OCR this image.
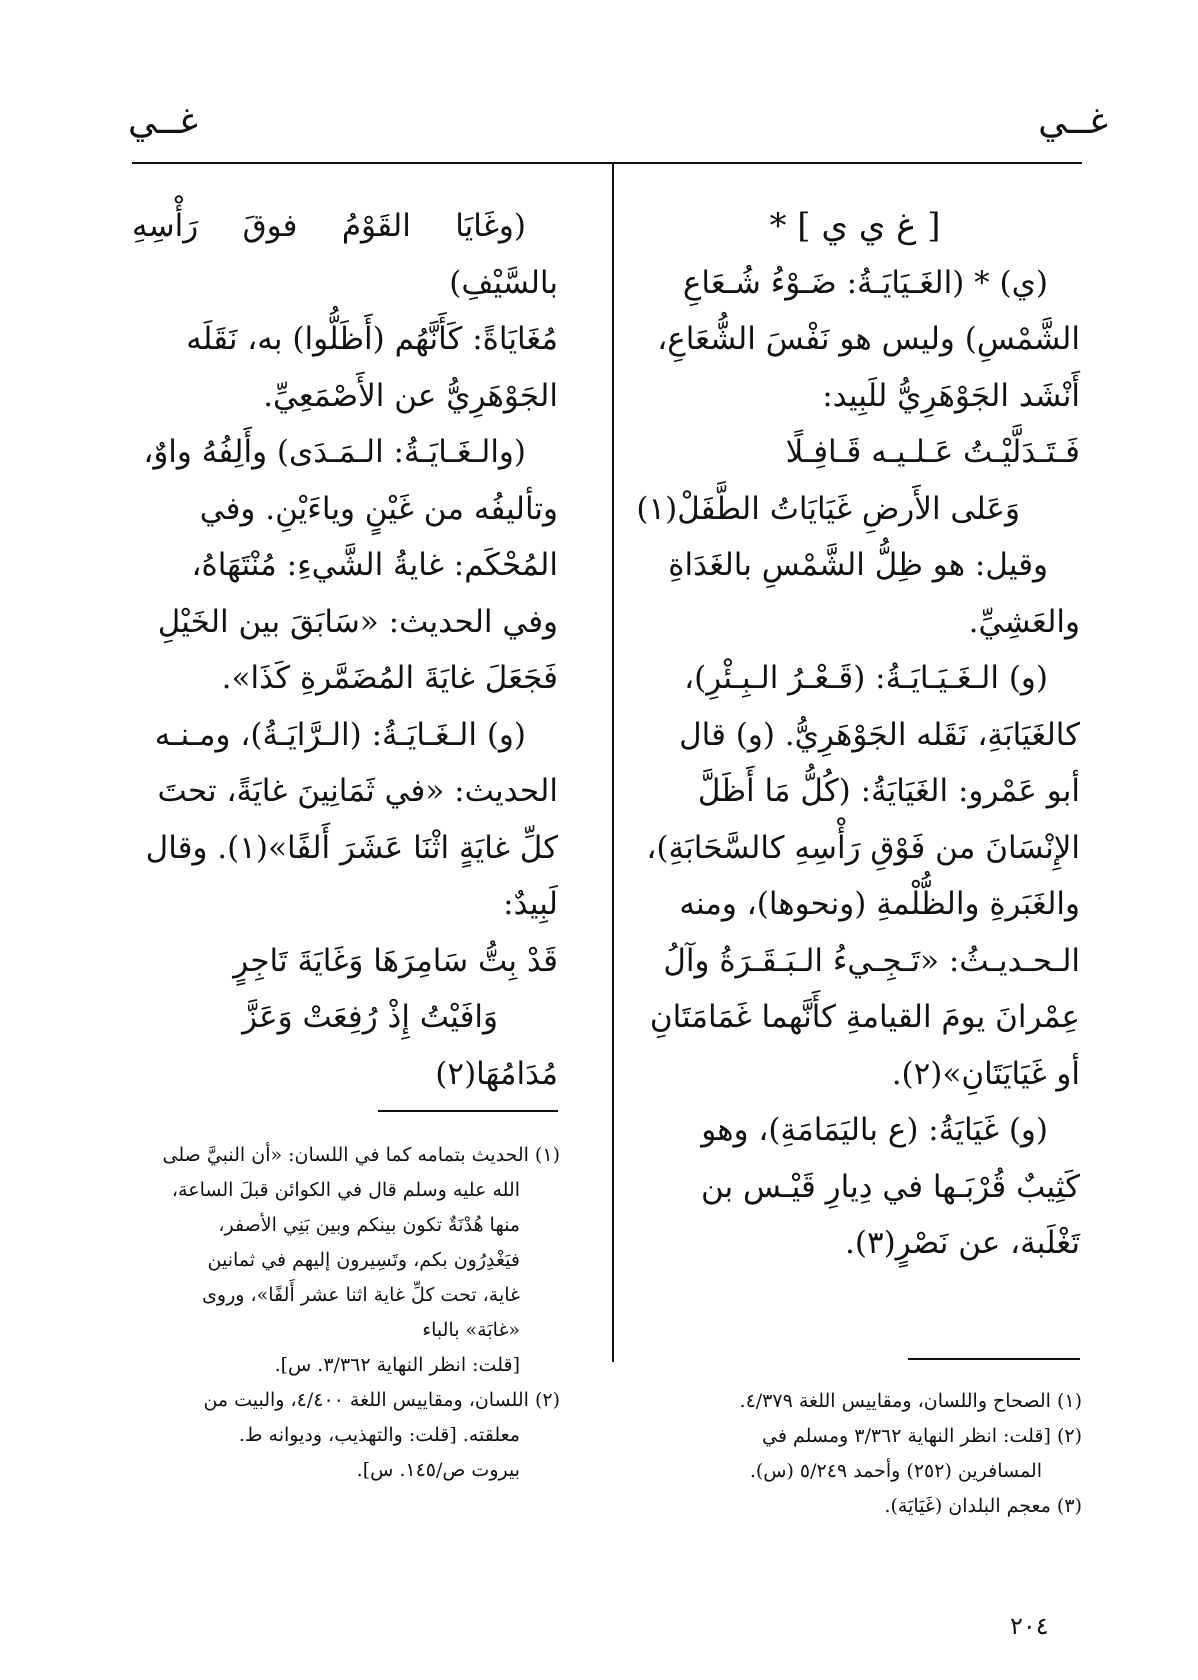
غــي
غــي

[ غ ي ي ] *

(ي) * (الغَـيَايَـةُ: ضَـوْءُ شُـعَاعِ

الشَّمْسِ) وليس هو نَفْسَ الشُّعَاعِ،

أَنْشَد الجَوْهَرِيُّ للَبِيد:

فَـتَـدَلَّيْـتُ عَـلـيـه قَـافِـلًا

وَعَلى الأَرضِ غَيَايَاتُ الطَّفَلْ(١)

وقيل: هو ظِلُّ الشَّمْسِ بالغَدَاةِ

والعَشِيِّ.

(و) الـغَـيَـايَـةُ: (قَـعْـرُ الـبِـئْرِ)،

كالغَيَابَةِ، نَقَله الجَوْهَرِيُّ. (و) قال

أبو عَمْرو: الغَيَايَةُ: (كُلُّ مَا أَظَلَّ

الإِنْسَانَ من فَوْقِ رَأْسِهِ كالسَّحَابَةِ)،

والغَبَرةِ والظُّلْمةِ (ونحوها)، ومنه

الـحـديـثُ: «تَـجِـيءُ الـبَـقَـرَةُ وآلُ

عِمْرانَ يومَ القيامةِ كأَنَّهما غَمَامَتَانِ

أو غَيَايَتَانِ»(٢).

(و) غَيَايَةُ: (ع باليَمَامَةِ)، وهو

كَثِيبٌ قُرْبَـها في دِيارِ قَيْـس بن

تَغْلَبة، عن نَصْرٍ(٣).

(وغَايَا القَوْمُ فوقَ رَأْسِهِ بالسَّيْفِ)

مُغَايَاةً: كَأَنَّهُم (أَظَلُّوا) به، نَقَلَه

الجَوْهَرِيُّ عن الأَصْمَعِيِّ.

(والـغَـايَـةُ: الـمَـدَى) وأَلِفُهُ واوٌ،

وتأليفُه من غَيْنٍ وياءَيْنِ. وفي

المُحْكَم: غايةُ الشَّيءِ: مُنْتَهَاهُ،

وفي الحديث: «سَابَقَ بين الخَيْلِ

فَجَعَلَ غايَةَ المُضَمَّرةِ كَذَا».

(و) الـغَـايَـةُ: (الـرَّايَـةُ)، ومـنـه

الحديث: «في ثَمَانِينَ غايَةً، تحتَ

كلِّ غايَةٍ اثْنَا عَشَرَ أَلفًا»(١). وقال

لَبِيدٌ:

قَدْ بِتُّ سَامِرَهَا وَغَايَةَ تَاجِرٍ

وَافَيْتُ إِذْ رُفِعَتْ وَعَزَّ مُدَامُهَا(٢)

(١) الصحاح واللسان، ومقاييس اللغة ٤/٣٧٩.

(٢) [قلت: انظر النهاية ٣/٣٦٢ ومسلم في

المسافرين (٢٥٢) وأحمد ٥/٢٤٩ (س).

(٣) معجم البلدان (غَيَايَة).

(١) الحديث بتمامه كما في اللسان: «أن النبيَّ صلى

الله عليه وسلم قال في الكوائن قبلَ الساعة،

منها هُدْنَةٌ تكون بينكم وبين بَنِي الأصفر،

فيَغْدِرُون بكم، وتَسِيرون إليهم في ثمانين

غاية، تحت كلِّ غاية اثنا عشر أَلفًا»، وروى

«غابَة» بالباء

[قلت: انظر النهاية ٣/٣٦٢. س].

(٢) اللسان، ومقاييس اللغة ٤/٤٠٠، والبيت من

معلقته. [قلت: والتهذيب، وديوانه ط.

بيروت ص/١٤٥. س].

٢٠٤
